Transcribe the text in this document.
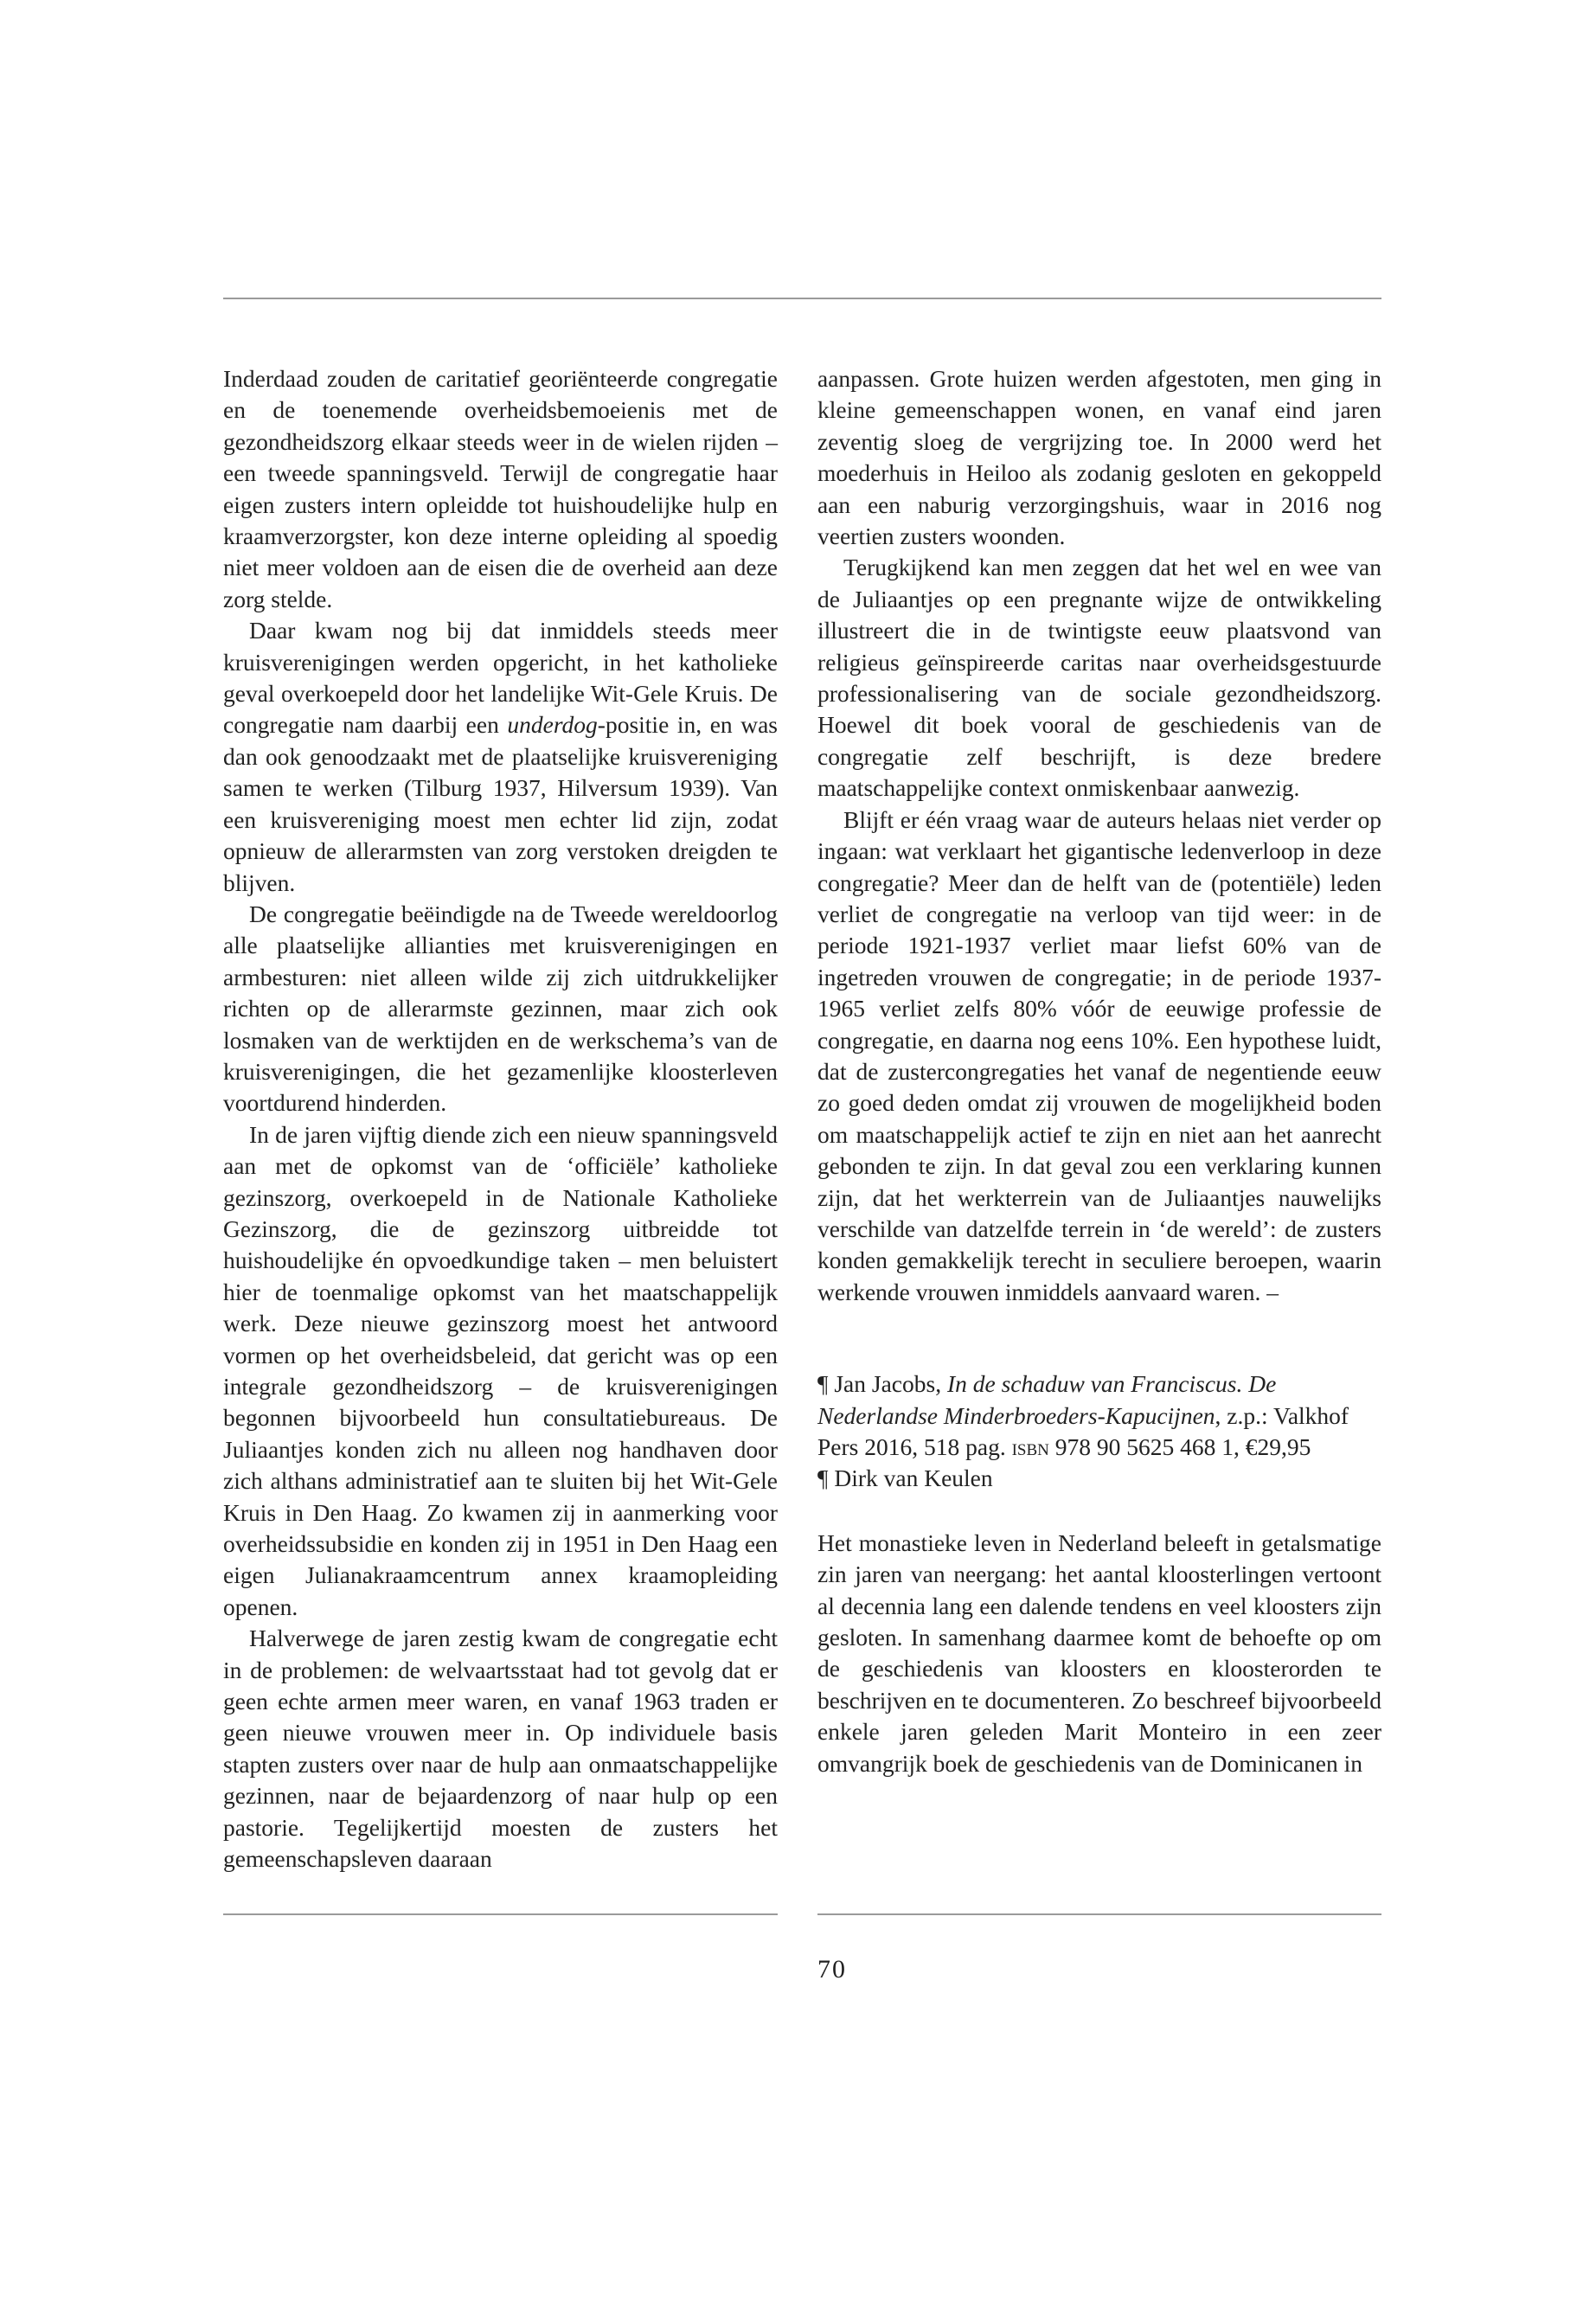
Inderdaad zouden de caritatief georiënteerde congregatie en de toenemende overheidsbemoeienis met de gezondheidszorg elkaar steeds weer in de wielen rijden – een tweede spanningsveld. Terwijl de congregatie haar eigen zusters intern opleidde tot huishoudelijke hulp en kraamverzorgster, kon deze interne opleiding al spoedig niet meer voldoen aan de eisen die de overheid aan deze zorg stelde.

Daar kwam nog bij dat inmiddels steeds meer kruisverenigingen werden opgericht, in het katholieke geval overkoepeld door het landelijke Wit-Gele Kruis. De congregatie nam daarbij een underdog-positie in, en was dan ook genoodzaakt met de plaatselijke kruisvereniging samen te werken (Tilburg 1937, Hilversum 1939). Van een kruisvereniging moest men echter lid zijn, zodat opnieuw de allerarmsten van zorg verstoken dreigden te blijven.

De congregatie beëindigde na de Tweede wereldoorlog alle plaatselijke allianties met kruisverenigingen en armbesturen: niet alleen wilde zij zich uitdrukkelijker richten op de allerarmste gezinnen, maar zich ook losmaken van de werktijden en de werkschema’s van de kruisverenigingen, die het gezamenlijke kloosterleven voortdurend hinderden.

In de jaren vijftig diende zich een nieuw spanningsveld aan met de opkomst van de ‘officiële’ katholieke gezinszorg, overkoepeld in de Nationale Katholieke Gezinszorg, die de gezinszorg uitbreidde tot huishoudelijke én opvoedkundige taken – men beluistert hier de toenmalige opkomst van het maatschappelijk werk. Deze nieuwe gezinszorg moest het antwoord vormen op het overheidsbeleid, dat gericht was op een integrale gezondheidszorg – de kruisverenigingen begonnen bijvoorbeeld hun consultatiebureaus. De Juliaantjes konden zich nu alleen nog handhaven door zich althans administratief aan te sluiten bij het Wit-Gele Kruis in Den Haag. Zo kwamen zij in aanmerking voor overheidssubsidie en konden zij in 1951 in Den Haag een eigen Julianakraamcentrum annex kraamopleiding openen.

Halverwege de jaren zestig kwam de congregatie echt in de problemen: de welvaartsstaat had tot gevolg dat er geen echte armen meer waren, en vanaf 1963 traden er geen nieuwe vrouwen meer in. Op individuele basis stapten zusters over naar de hulp aan onmaatschappelijke gezinnen, naar de bejaardenzorg of naar hulp op een pastorie. Tegelijkertijd moesten de zusters het gemeenschapsleven daaraan

aanpassen. Grote huizen werden afgestoten, men ging in kleine gemeenschappen wonen, en vanaf eind jaren zeventig sloeg de vergrijzing toe. In 2000 werd het moederhuis in Heiloo als zodanig gesloten en gekoppeld aan een naburig verzorgingshuis, waar in 2016 nog veertien zusters woonden.

Terugkijkend kan men zeggen dat het wel en wee van de Juliaantjes op een pregnante wijze de ontwikkeling illustreert die in de twintigste eeuw plaatsvond van religieus geïnspireerde caritas naar overheidsgestuurde professionalisering van de sociale gezondheidszorg. Hoewel dit boek vooral de geschiedenis van de congregatie zelf beschrijft, is deze bredere maatschappelijke context onmiskenbaar aanwezig.

Blijft er één vraag waar de auteurs helaas niet verder op ingaan: wat verklaart het gigantische ledenverloop in deze congregatie? Meer dan de helft van de (potentiële) leden verliet de congregatie na verloop van tijd weer: in de periode 1921-1937 verliet maar liefst 60% van de ingetreden vrouwen de congregatie; in de periode 1937-1965 verliet zelfs 80% vóór de eeuwige professie de congregatie, en daarna nog eens 10%. Een hypothese luidt, dat de zustercongregaties het vanaf de negentiende eeuw zo goed deden omdat zij vrouwen de mogelijkheid boden om maatschappelijk actief te zijn en niet aan het aanrecht gebonden te zijn. In dat geval zou een verklaring kunnen zijn, dat het werkterrein van de Juliaantjes nauwelijks verschilde van datzelfde terrein in ‘de wereld’: de zusters konden gemakkelijk terecht in seculiere beroepen, waarin werkende vrouwen inmiddels aanvaard waren. –

¶ Jan Jacobs, In de schaduw van Franciscus. De Nederlandse Minderbroeders-Kapucijnen, z.p.: Valkhof Pers 2016, 518 pag. isbn 978 90 5625 468 1, €29,95

¶ Dirk van Keulen

Het monastieke leven in Nederland beleeft in getalsmatige zin jaren van neergang: het aantal kloosterlingen vertoont al decennia lang een dalende tendens en veel kloosters zijn gesloten. In samenhang daarmee komt de behoefte op om de geschiedenis van kloosters en kloosterorden te beschrijven en te documenteren. Zo beschreef bijvoorbeeld enkele jaren geleden Marit Monteiro in een zeer omvangrijk boek de geschiedenis van de Dominicanen in

70
